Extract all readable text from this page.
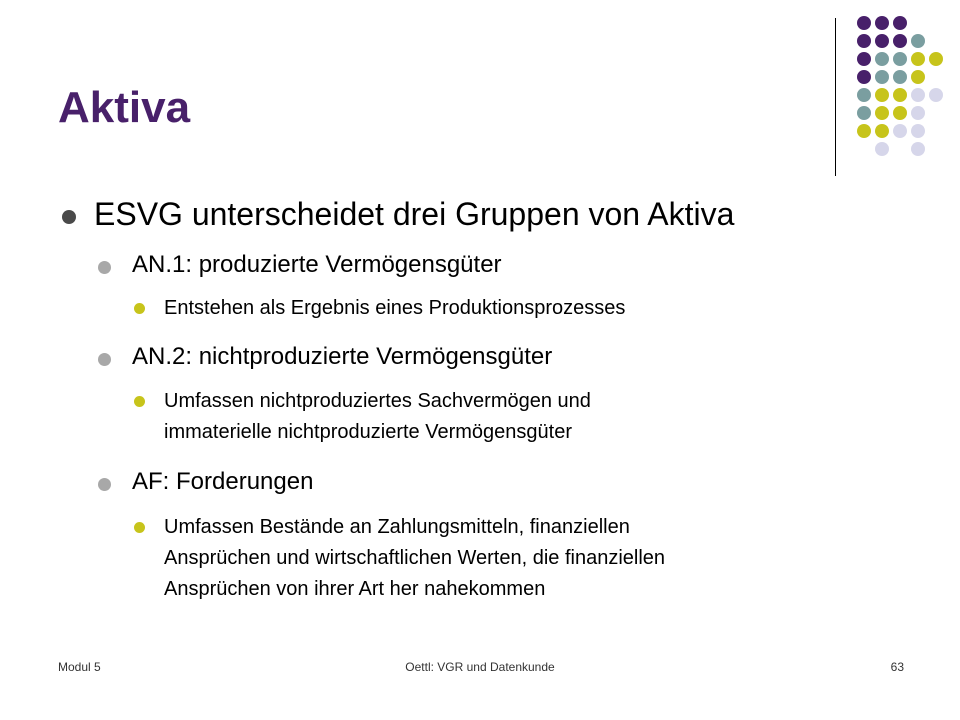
Aktiva
ESVG unterscheidet drei Gruppen von Aktiva
AN.1: produzierte Vermögensgüter
Entstehen als Ergebnis eines Produktionsprozesses
AN.2: nichtproduzierte Vermögensgüter
Umfassen nichtproduziertes Sachvermögen und
immaterielle nichtproduzierte Vermögensgüter
AF: Forderungen
Umfassen Bestände an Zahlungsmitteln, finanziellen
Ansprüchen und wirtschaftlichen Werten, die finanziellen
Ansprüchen von ihrer Art her nahekommen
Modul 5	Oettl: VGR und Datenkunde	63
